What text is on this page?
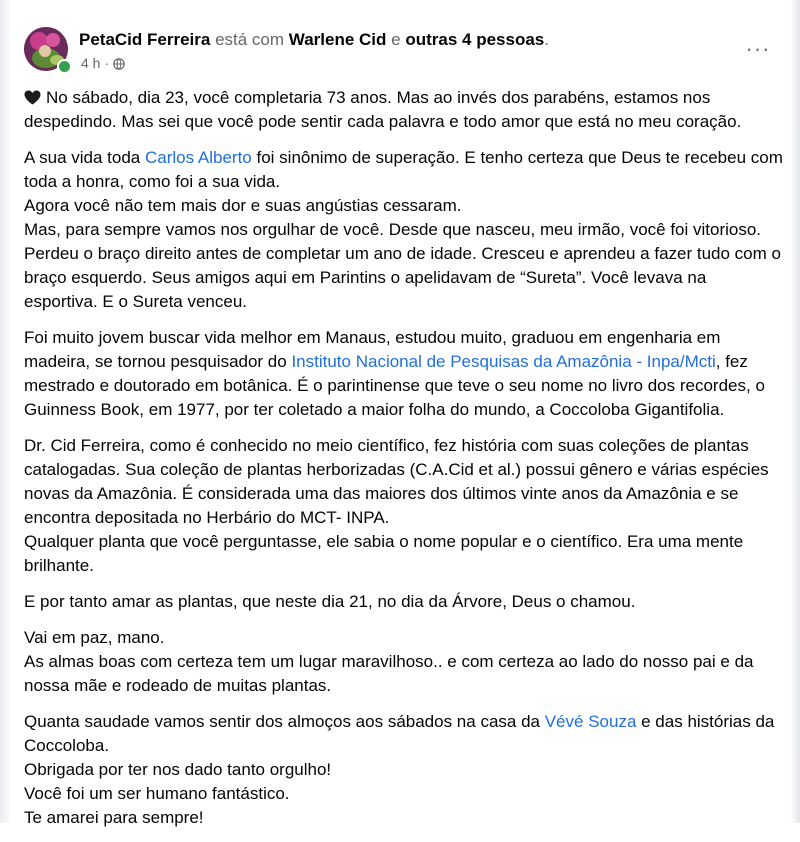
PetaCid Ferreira está com Warlene Cid e outras 4 pessoas.
4 h ·
···

No sábado, dia 23, você completaria 73 anos. Mas ao invés dos parabéns, estamos nos despedindo. Mas sei que você pode sentir cada palavra e todo amor que está no meu coração.

A sua vida toda Carlos Alberto foi sinônimo de superação. E tenho certeza que Deus te recebeu com toda a honra, como foi a sua vida.
Agora você não tem mais dor e suas angústias cessaram.
Mas, para sempre vamos nos orgulhar de você. Desde que nasceu, meu irmão, você foi vitorioso. Perdeu o braço direito antes de completar um ano de idade. Cresceu e aprendeu a fazer tudo com o braço esquerdo. Seus amigos aqui em Parintins o apelidavam de “Sureta”. Você levava na esportiva. E o Sureta venceu.

Foi muito jovem buscar vida melhor em Manaus, estudou muito, graduou em engenharia em madeira, se tornou pesquisador do Instituto Nacional de Pesquisas da Amazônia - Inpa/Mcti, fez mestrado e doutorado em botânica. É o parintinense que teve o seu nome no livro dos recordes, o Guinness Book, em 1977, por ter coletado a maior folha do mundo, a Coccoloba Gigantifolia.

Dr. Cid Ferreira, como é conhecido no meio científico, fez história com suas coleções de plantas catalogadas. Sua coleção de plantas herborizadas (C.A.Cid et al.) possui gênero e várias espécies novas da Amazônia. É considerada uma das maiores dos últimos vinte anos da Amazônia e se encontra depositada no Herbário do MCT- INPA.
Qualquer planta que você perguntasse, ele sabia o nome popular e o científico. Era uma mente brilhante.

E por tanto amar as plantas, que neste dia 21, no dia da Árvore, Deus o chamou.

Vai em paz, mano.
As almas boas com certeza tem um lugar maravilhoso.. e com certeza ao lado do nosso pai e da nossa mãe e rodeado de muitas plantas.

Quanta saudade vamos sentir dos almoços aos sábados na casa da Vévé Souza e das histórias da Coccoloba.
Obrigada por ter nos dado tanto orgulho!
Você foi um ser humano fantástico.
Te amarei para sempre!
